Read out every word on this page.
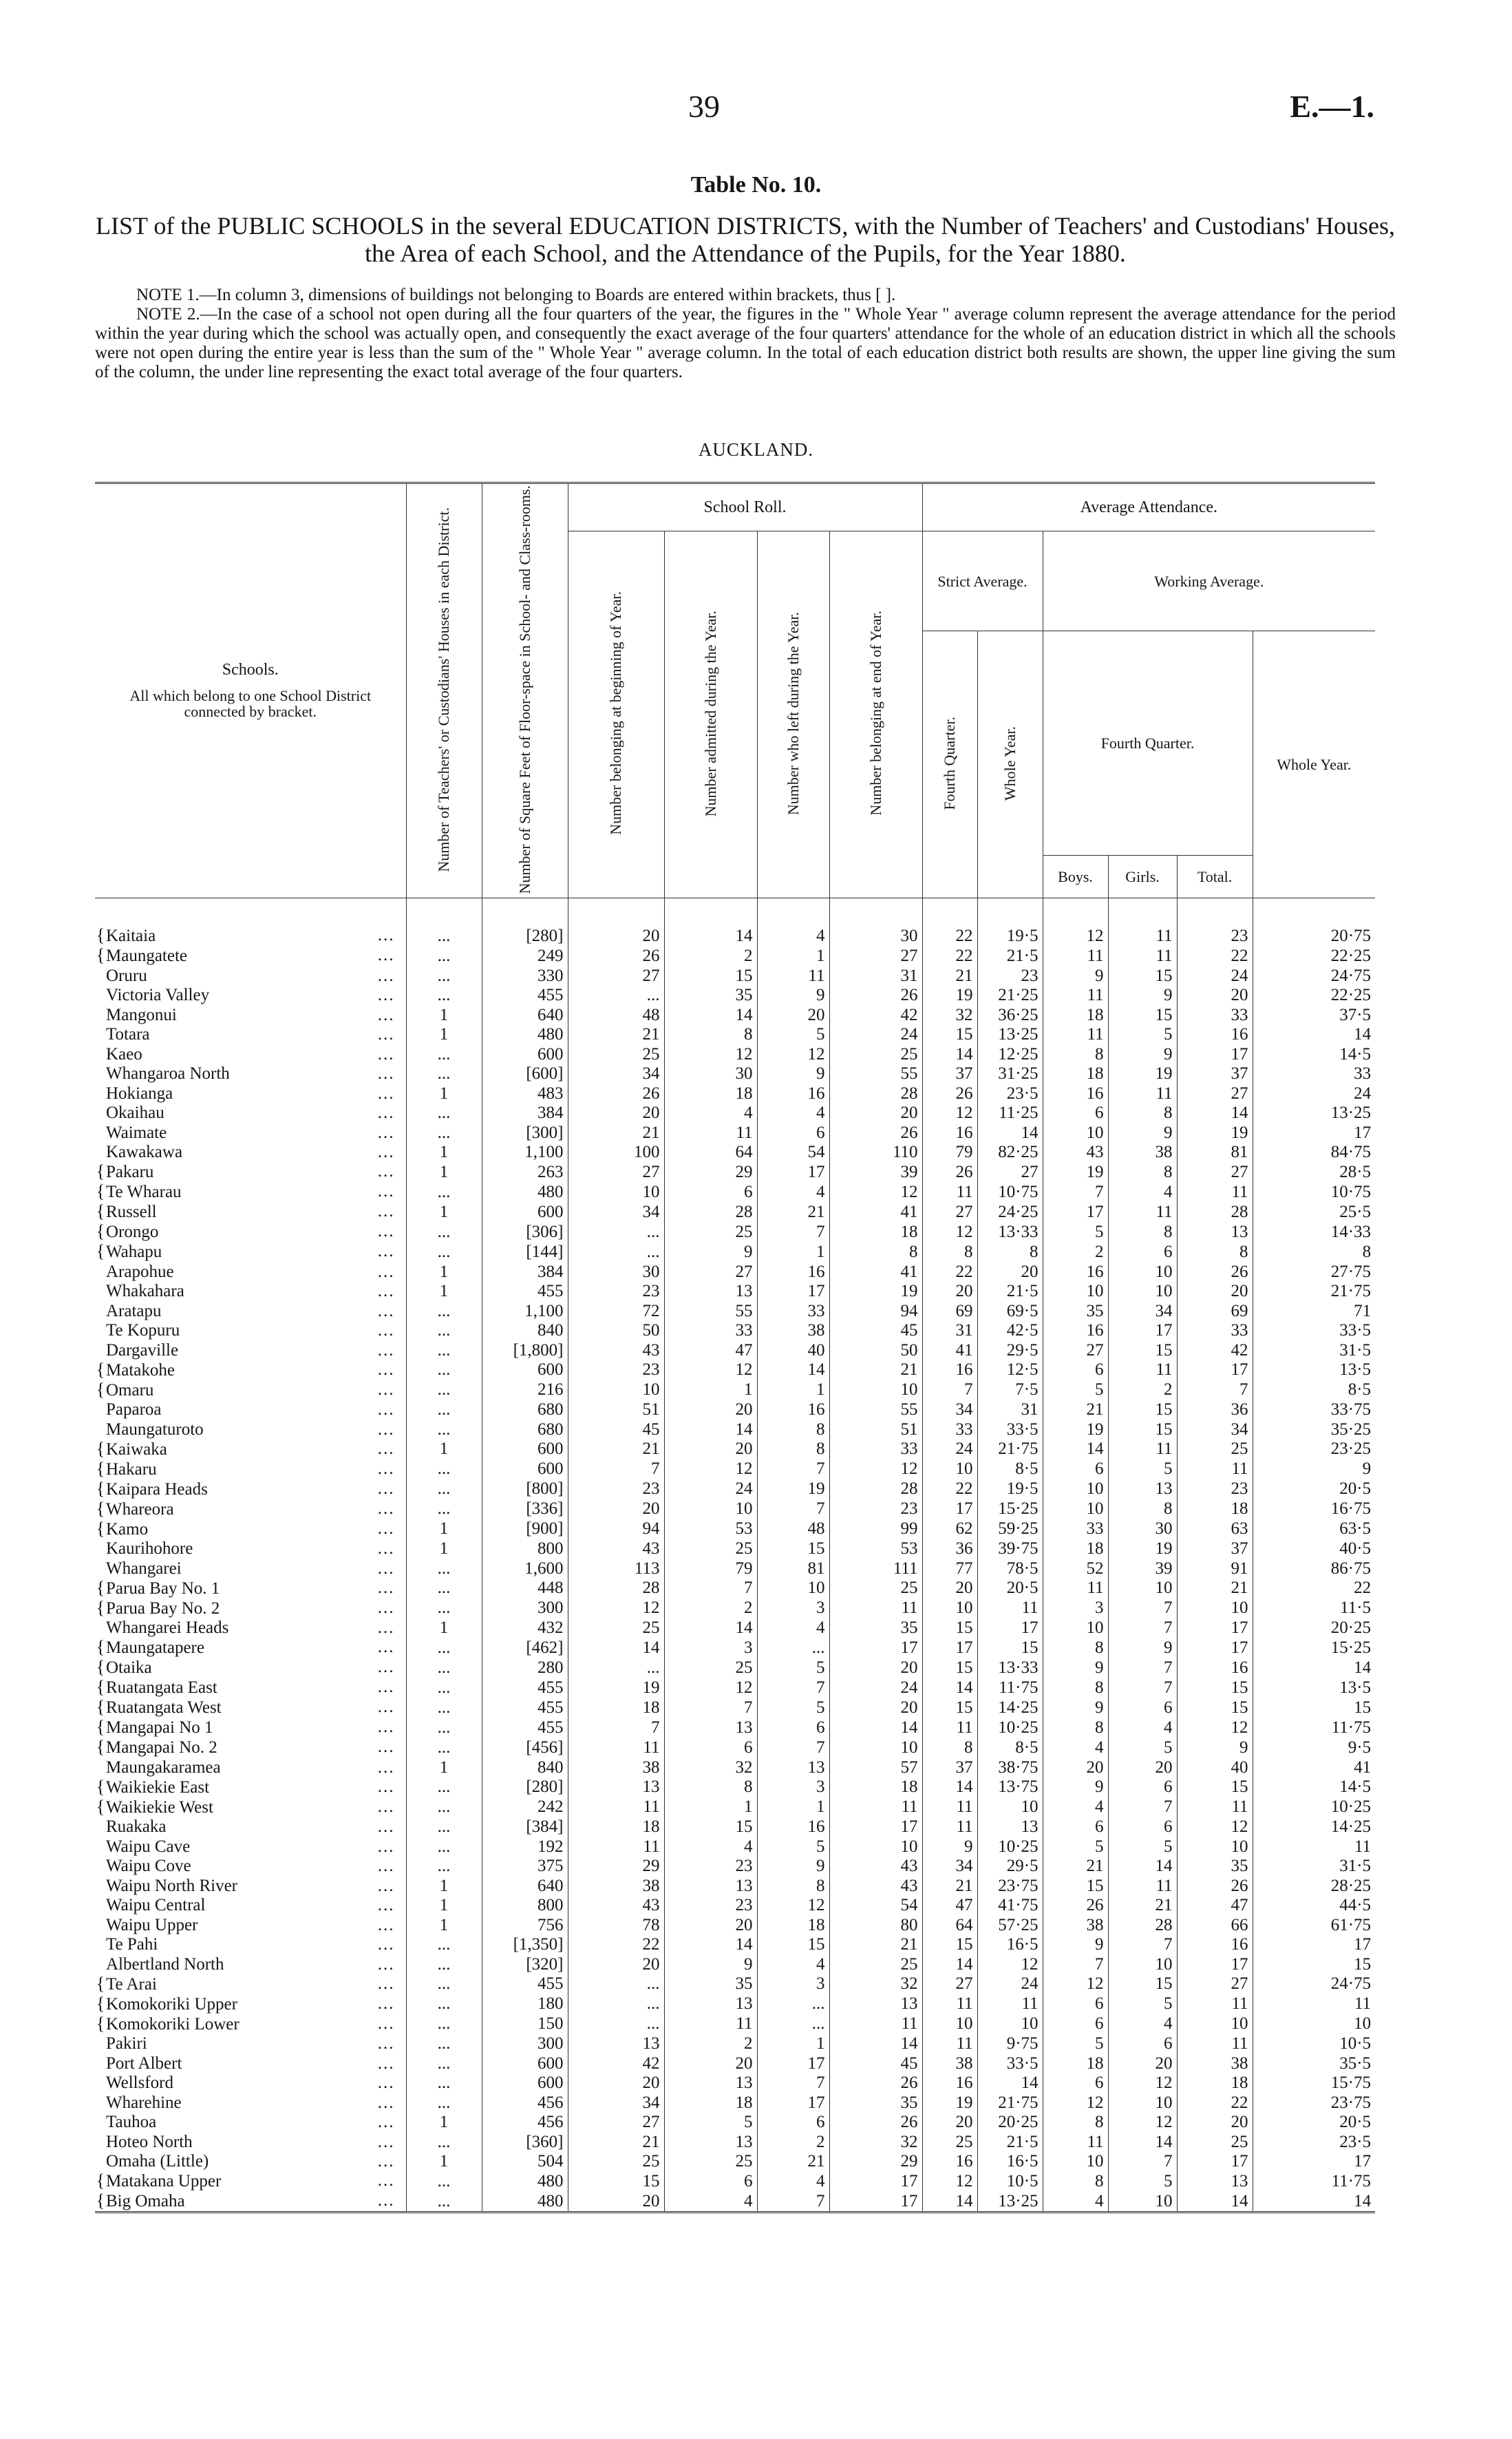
39	E.—1.
Table No. 10.
LIST of the PUBLIC SCHOOLS in the several EDUCATION DISTRICTS, with the Number of Teachers' and Custodians' Houses, the Area of each School, and the Attendance of the Pupils, for the Year 1880.

NOTE 1.—In column 3, dimensions of buildings not belonging to Boards are entered within brackets, thus [ ].

NOTE 2.—In the case of a school not open during all the four quarters of the year, the figures in the " Whole Year " average column represent the average attendance for the period within the year during which the school was actually open, and consequently the exact average of the four quarters' attendance for the whole of an education district in which all the schools were not open during the entire year is less than the sum of the " Whole Year " average column. In the total of each education district both results are shown, the upper line giving the sum of the column, the under line representing the exact total average of the four quarters.

AUCKLAND.
Schools.
All which belong to one School District connected by bracket.	Number of Teachers' or Custodians' Houses in each District.	Number of Square Feet of Floor-space in School- and Class-rooms.	School Roll.				Average Attendance.					
			Number belonging at beginning of Year.	Number admitted during the Year.	Number who left during the Year.	Number belonging at end of Year.	Strict Average.		Working Average.			
							Fourth Quarter.	Whole Year.	Fourth Quarter.			Whole Year.
									Boys.	Girls.	Total.	

{Kaitaia ...	...	[280]	20	14	4	30	22	19·5	12	11	23	20·75
{Maungatete ...	...	249	26	2	1	27	22	21·5	11	11	22	22·25
Oruru ...	...	330	27	15	11	31	21	23	9	15	24	24·75
Victoria Valley ...	...	455	...	35	9	26	19	21·25	11	9	20	22·25
Mangonui ...	1	640	48	14	20	42	32	36·25	18	15	33	37·5
Totara ...	1	480	21	8	5	24	15	13·25	11	5	16	14
Kaeo ...	...	600	25	12	12	25	14	12·25	8	9	17	14·5
Whangaroa North ...	...	[600]	34	30	9	55	37	31·25	18	19	37	33
Hokianga ...	1	483	26	18	16	28	26	23·5	16	11	27	24
Okaihau ...	...	384	20	4	4	20	12	11·25	6	8	14	13·25
Waimate ...	...	[300]	21	11	6	26	16	14	10	9	19	17
Kawakawa ...	1	1,100	100	64	54	110	79	82·25	43	38	81	84·75
{Pakaru ...	1	263	27	29	17	39	26	27	19	8	27	28·5
{Te Wharau ...	...	480	10	6	4	12	11	10·75	7	4	11	10·75
{Russell ...	1	600	34	28	21	41	27	24·25	17	11	28	25·5
{Orongo ...	...	[306]	...	25	7	18	12	13·33	5	8	13	14·33
{Wahapu ...	...	[144]	...	9	1	8	8	8	2	6	8	8
Arapohue ...	1	384	30	27	16	41	22	20	16	10	26	27·75
Whakahara ...	1	455	23	13	17	19	20	21·5	10	10	20	21·75
Aratapu ...	...	1,100	72	55	33	94	69	69·5	35	34	69	71
Te Kopuru ...	...	840	50	33	38	45	31	42·5	16	17	33	33·5
Dargaville ...	...	[1,800]	43	47	40	50	41	29·5	27	15	42	31·5
{Matakohe ...	...	600	23	12	14	21	16	12·5	6	11	17	13·5
{Omaru ...	...	216	10	1	1	10	7	7·5	5	2	7	8·5
Paparoa ...	...	680	51	20	16	55	34	31	21	15	36	33·75
Maungaturoto ...	...	680	45	14	8	51	33	33·5	19	15	34	35·25
{Kaiwaka ...	1	600	21	20	8	33	24	21·75	14	11	25	23·25
{Hakaru ...	...	600	7	12	7	12	10	8·5	6	5	11	9
{Kaipara Heads ...	...	[800]	23	24	19	28	22	19·5	10	13	23	20·5
{Whareora ...	...	[336]	20	10	7	23	17	15·25	10	8	18	16·75
{Kamo ...	1	[900]	94	53	48	99	62	59·25	33	30	63	63·5
Kaurihohore ...	1	800	43	25	15	53	36	39·75	18	19	37	40·5
Whangarei ...	...	1,600	113	79	81	111	77	78·5	52	39	91	86·75
{Parua Bay No. 1 ...	...	448	28	7	10	25	20	20·5	11	10	21	22
{Parua Bay No. 2 ...	...	300	12	2	3	11	10	11	3	7	10	11·5
Whangarei Heads ...	1	432	25	14	4	35	15	17	10	7	17	20·25
{Maungatapere ...	...	[462]	14	3	...	17	17	15	8	9	17	15·25
{Otaika ...	...	280	...	25	5	20	15	13·33	9	7	16	14
{Ruatangata East ...	...	455	19	12	7	24	14	11·75	8	7	15	13·5
{Ruatangata West ...	...	455	18	7	5	20	15	14·25	9	6	15	15
{Mangapai No 1 ...	...	455	7	13	6	14	11	10·25	8	4	12	11·75
{Mangapai No. 2 ...	...	[456]	11	6	7	10	8	8·5	4	5	9	9·5
Maungakaramea ...	1	840	38	32	13	57	37	38·75	20	20	40	41
{Waikiekie East ...	...	[280]	13	8	3	18	14	13·75	9	6	15	14·5
{Waikiekie West ...	...	242	11	1	1	11	11	10	4	7	11	10·25
Ruakaka ...	...	[384]	18	15	16	17	11	13	6	6	12	14·25
Waipu Cave ...	...	192	11	4	5	10	9	10·25	5	5	10	11
Waipu Cove ...	...	375	29	23	9	43	34	29·5	21	14	35	31·5
Waipu North River ...	1	640	38	13	8	43	21	23·75	15	11	26	28·25
Waipu Central ...	1	800	43	23	12	54	47	41·75	26	21	47	44·5
Waipu Upper ...	1	756	78	20	18	80	64	57·25	38	28	66	61·75
Te Pahi ...	...	[1,350]	22	14	15	21	15	16·5	9	7	16	17
Albertland North ...	...	[320]	20	9	4	25	14	12	7	10	17	15
{Te Arai ...	...	455	...	35	3	32	27	24	12	15	27	24·75
{Komokoriki Upper ...	...	180	...	13	...	13	11	11	6	5	11	11
{Komokoriki Lower ...	...	150	...	11	...	11	10	10	6	4	10	10
Pakiri ...	...	300	13	2	1	14	11	9·75	5	6	11	10·5
Port Albert ...	...	600	42	20	17	45	38	33·5	18	20	38	35·5
Wellsford ...	...	600	20	13	7	26	16	14	6	12	18	15·75
Wharehine ...	...	456	34	18	17	35	19	21·75	12	10	22	23·75
Tauhoa ...	1	456	27	5	6	26	20	20·25	8	12	20	20·5
Hoteo North ...	...	[360]	21	13	2	32	25	21·5	11	14	25	23·5
Omaha (Little) ...	1	504	25	25	21	29	16	16·5	10	7	17	17
{Matakana Upper ...	...	480	15	6	4	17	12	10·5	8	5	13	11·75
{Big Omaha ...	...	480	20	4	7	17	14	13·25	4	10	14	14
